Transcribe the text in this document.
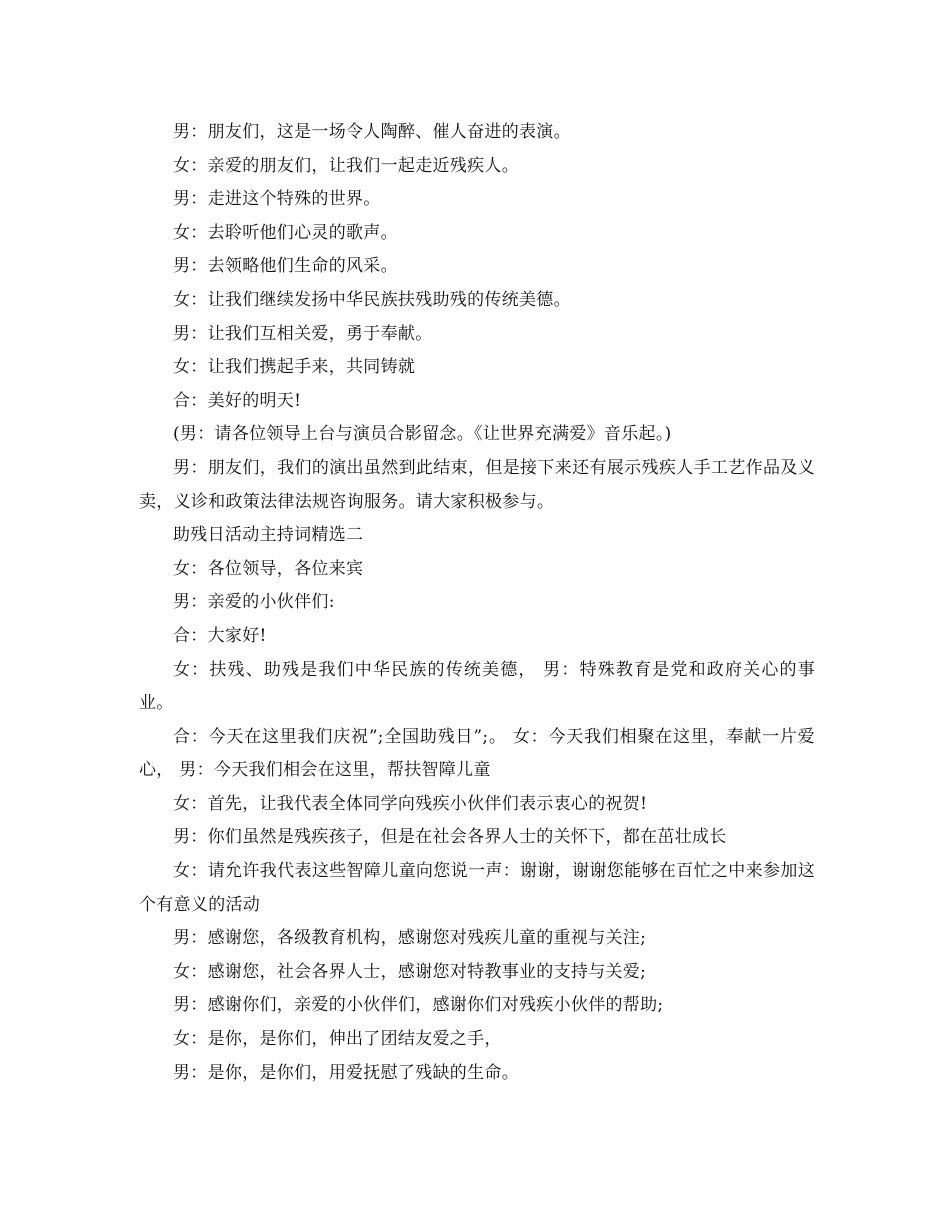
男：朋友们，这是一场令人陶醉、催人奋进的表演。

女：亲爱的朋友们，让我们一起走近残疾人。

男：走进这个特殊的世界。

女：去聆听他们心灵的歌声。

男：去领略他们生命的风采。

女：让我们继续发扬中华民族扶残助残的传统美德。

男：让我们互相关爱，勇于奉献。

女：让我们携起手来，共同铸就

合：美好的明天!

(男：请各位领导上台与演员合影留念。《让世界充满爱》音乐起。)

男：朋友们，我们的演出虽然到此结束，但是接下来还有展示残疾人手工艺作品及义卖，义诊和政策法律法规咨询服务。请大家积极参与。

助残日活动主持词精选二

女：各位领导，各位来宾

男：亲爱的小伙伴们:

合：大家好!

女：扶残、助残是我们中华民族的传统美德， 男：特殊教育是党和政府关心的事业。

合：今天在这里我们庆祝”;全国助残日”;。 女：今天我们相聚在这里，奉献一片爱心， 男：今天我们相会在这里，帮扶智障儿童

女：首先，让我代表全体同学向残疾小伙伴们表示衷心的祝贺!

男：你们虽然是残疾孩子，但是在社会各界人士的关怀下，都在茁壮成长

女：请允许我代表这些智障儿童向您说一声：谢谢，谢谢您能够在百忙之中来参加这个有意义的活动

男：感谢您，各级教育机构，感谢您对残疾儿童的重视与关注;

女：感谢您，社会各界人士，感谢您对特教事业的支持与关爱;

男：感谢你们，亲爱的小伙伴们，感谢你们对残疾小伙伴的帮助;

女：是你，是你们，伸出了团结友爱之手，

男：是你，是你们，用爱抚慰了残缺的生命。
